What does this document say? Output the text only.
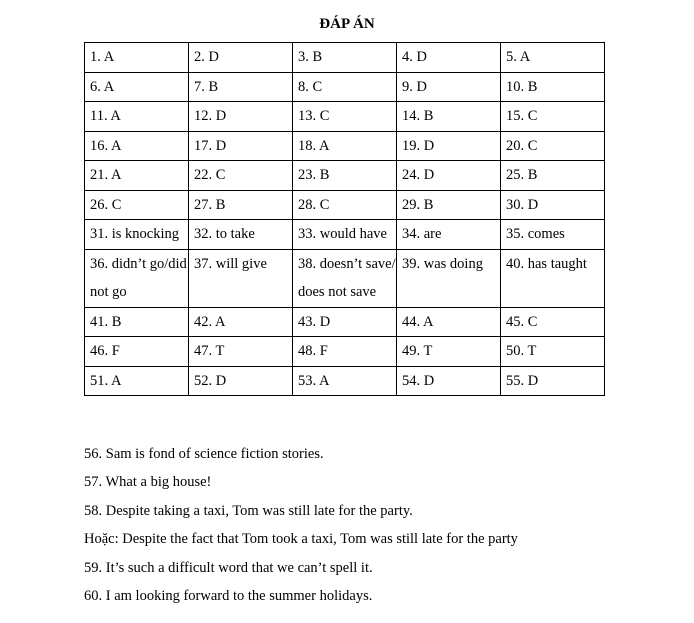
ĐÁP ÁN
1. A	2. D	3. B	4. D	5. A
6. A	7. B	8. C	9. D	10. B
11. A	12. D	13. C	14. B	15. C
16. A	17. D	18. A	19. D	20. C
21. A	22. C	23. B	24. D	25. B
26. C	27. B	28. C	29. B	30. D
31. is knocking	32. to take	33. would have	34. are	35. comes
36. didn’t go/did not go	37. will give	38. doesn’t save/ does not save	39. was doing	40. has taught
41. B	42. A	43. D	44. A	45. C
46. F	47. T	48. F	49. T	50. T
51. A	52. D	53. A	54. D	55. D
56. Sam is fond of science fiction stories.
57. What a big house!
58. Despite taking a taxi, Tom was still late for the party.
Hoặc: Despite the fact that Tom took a taxi, Tom was still late for the party
59. It’s such a difficult word that we can’t spell it.
60. I am looking forward to the summer holidays.
